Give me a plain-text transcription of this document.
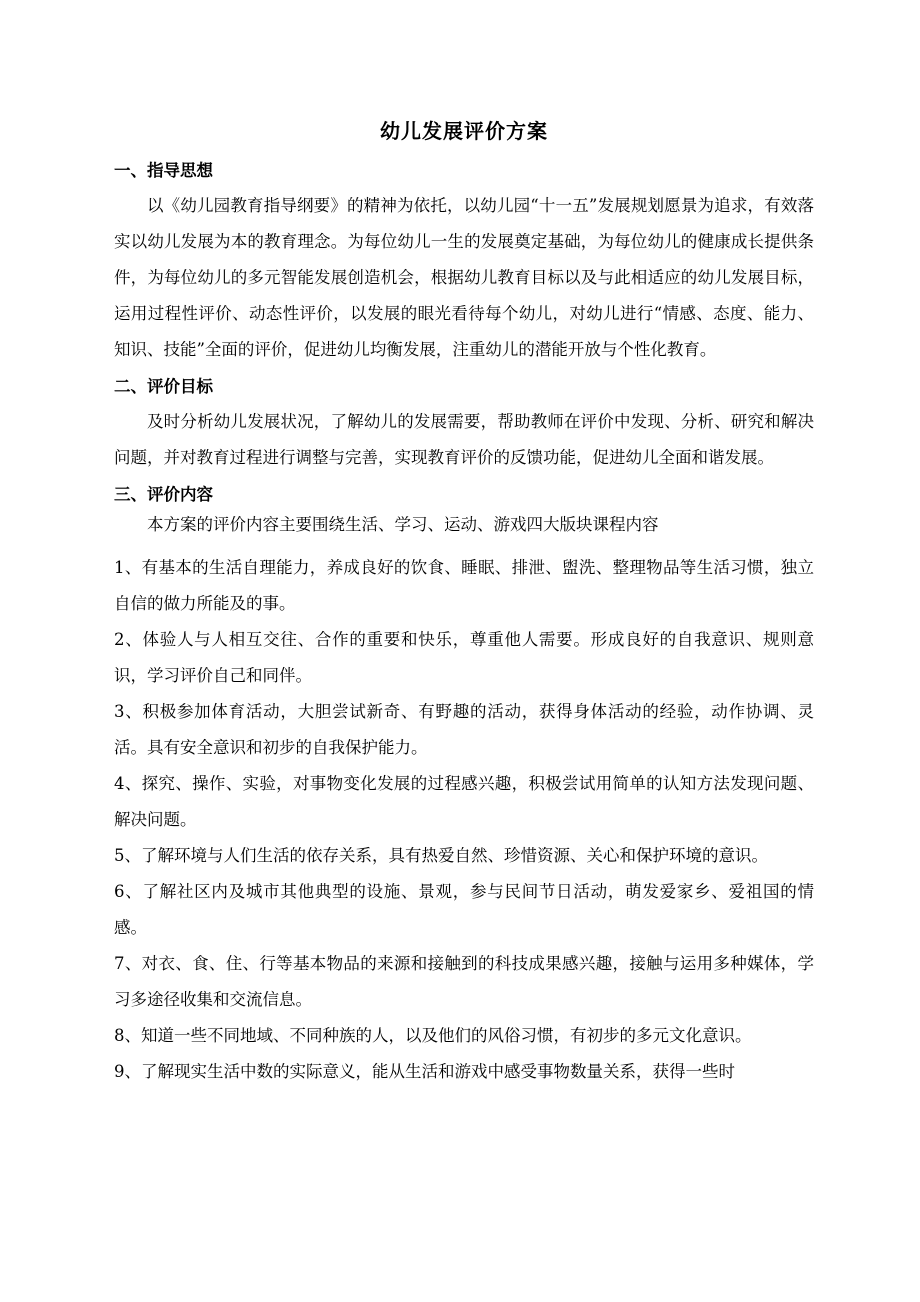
幼儿发展评价方案
一、指导思想
以《幼儿园教育指导纲要》的精神为依托，以幼儿园“十一五”发展规划愿景为追求，有效落实以幼儿发展为本的教育理念。为每位幼儿一生的发展奠定基础，为每位幼儿的健康成长提供条件，为每位幼儿的多元智能发展创造机会，根据幼儿教育目标以及与此相适应的幼儿发展目标，运用过程性评价、动态性评价，以发展的眼光看待每个幼儿，对幼儿进行“情感、态度、能力、知识、技能”全面的评价，促进幼儿均衡发展，注重幼儿的潜能开放与个性化教育。
二、评价目标
及时分析幼儿发展状况，了解幼儿的发展需要，帮助教师在评价中发现、分析、研究和解决问题，并对教育过程进行调整与完善，实现教育评价的反馈功能，促进幼儿全面和谐发展。
三、评价内容
本方案的评价内容主要围绕生活、学习、运动、游戏四大版块课程内容
1、有基本的生活自理能力，养成良好的饮食、睡眠、排泄、盥洗、整理物品等生活习惯，独立自信的做力所能及的事。
2、体验人与人相互交往、合作的重要和快乐，尊重他人需要。形成良好的自我意识、规则意识，学习评价自己和同伴。
3、积极参加体育活动，大胆尝试新奇、有野趣的活动，获得身体活动的经验，动作协调、灵活。具有安全意识和初步的自我保护能力。
4、探究、操作、实验，对事物变化发展的过程感兴趣，积极尝试用简单的认知方法发现问题、解决问题。
5、了解环境与人们生活的依存关系，具有热爱自然、珍惜资源、关心和保护环境的意识。
6、了解社区内及城市其他典型的设施、景观，参与民间节日活动，萌发爱家乡、爱祖国的情感。
7、对衣、食、住、行等基本物品的来源和接触到的科技成果感兴趣，接触与运用多种媒体，学习多途径收集和交流信息。
8、知道一些不同地域、不同种族的人，以及他们的风俗习惯，有初步的多元文化意识。
9、了解现实生活中数的实际意义，能从生活和游戏中感受事物数量关系，获得一些时
